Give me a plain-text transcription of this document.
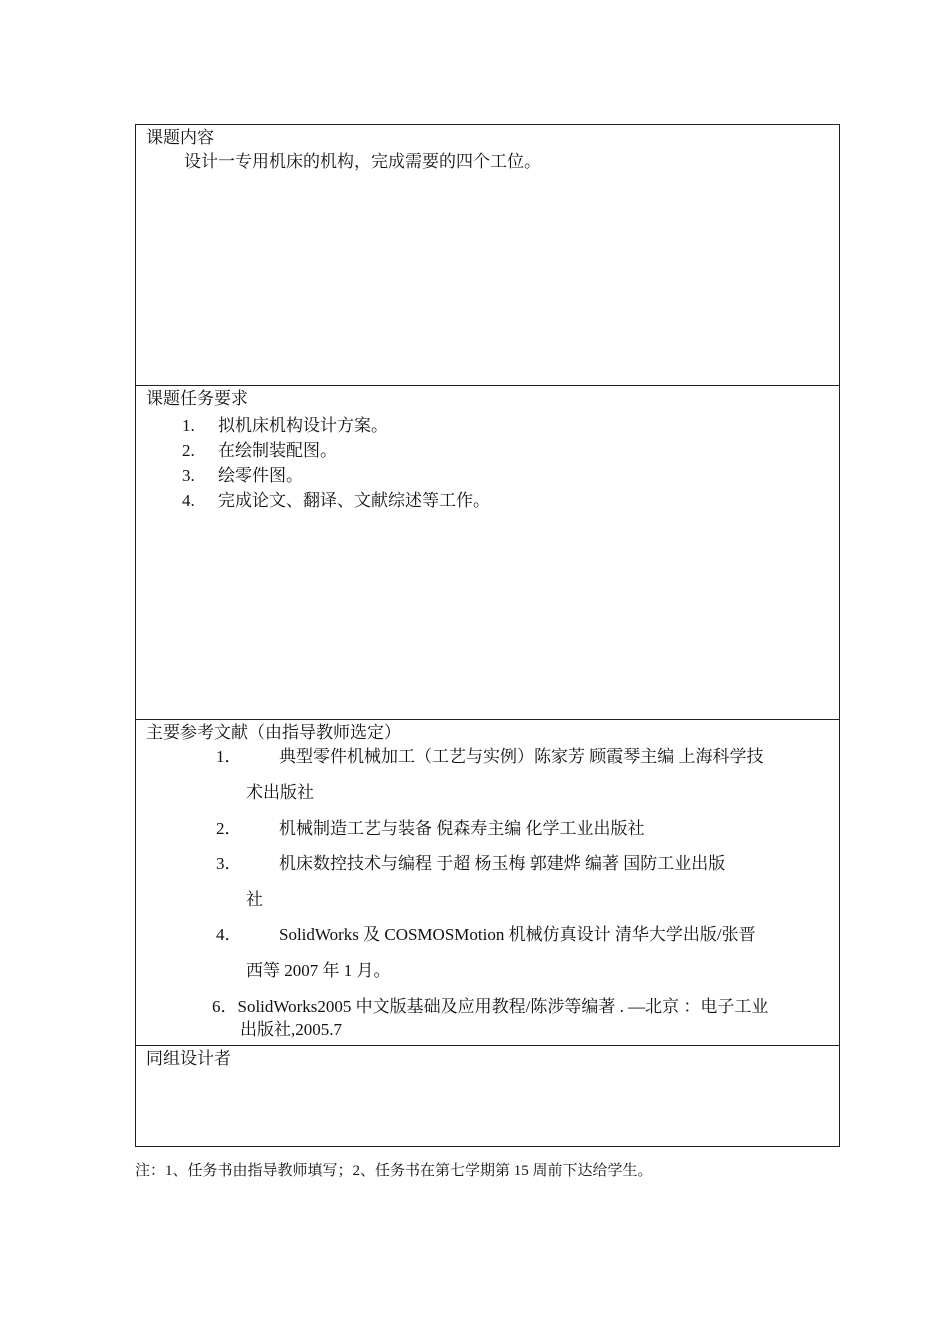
课题内容
设计一专用机床的机构，完成需要的四个工位。
课题任务要求
1.	拟机床机构设计方案。
2.	在绘制装配图。
3.	绘零件图。
4.	完成论文、翻译、文献综述等工作。
主要参考文献（由指导教师选定）
1． 典型零件机械加工（工艺与实例）陈家芳 顾霞琴主编 上海科学技
术出版社
2． 机械制造工艺与装备 倪森寿主编 化学工业出版社
3． 机床数控技术与编程 于超 杨玉梅 郭建烨 编著 国防工业出版
社
4． SolidWorks 及 COSMOSMotion 机械仿真设计 清华大学出版/张晋
西等 2007 年 1 月。
6．SolidWorks2005 中文版基础及应用教程/陈涉等编著 . —北京 ：电子工业
出版社,2005.7
同组设计者
注：1、任务书由指导教师填写；2、任务书在第七学期第 15 周前下达给学生。
